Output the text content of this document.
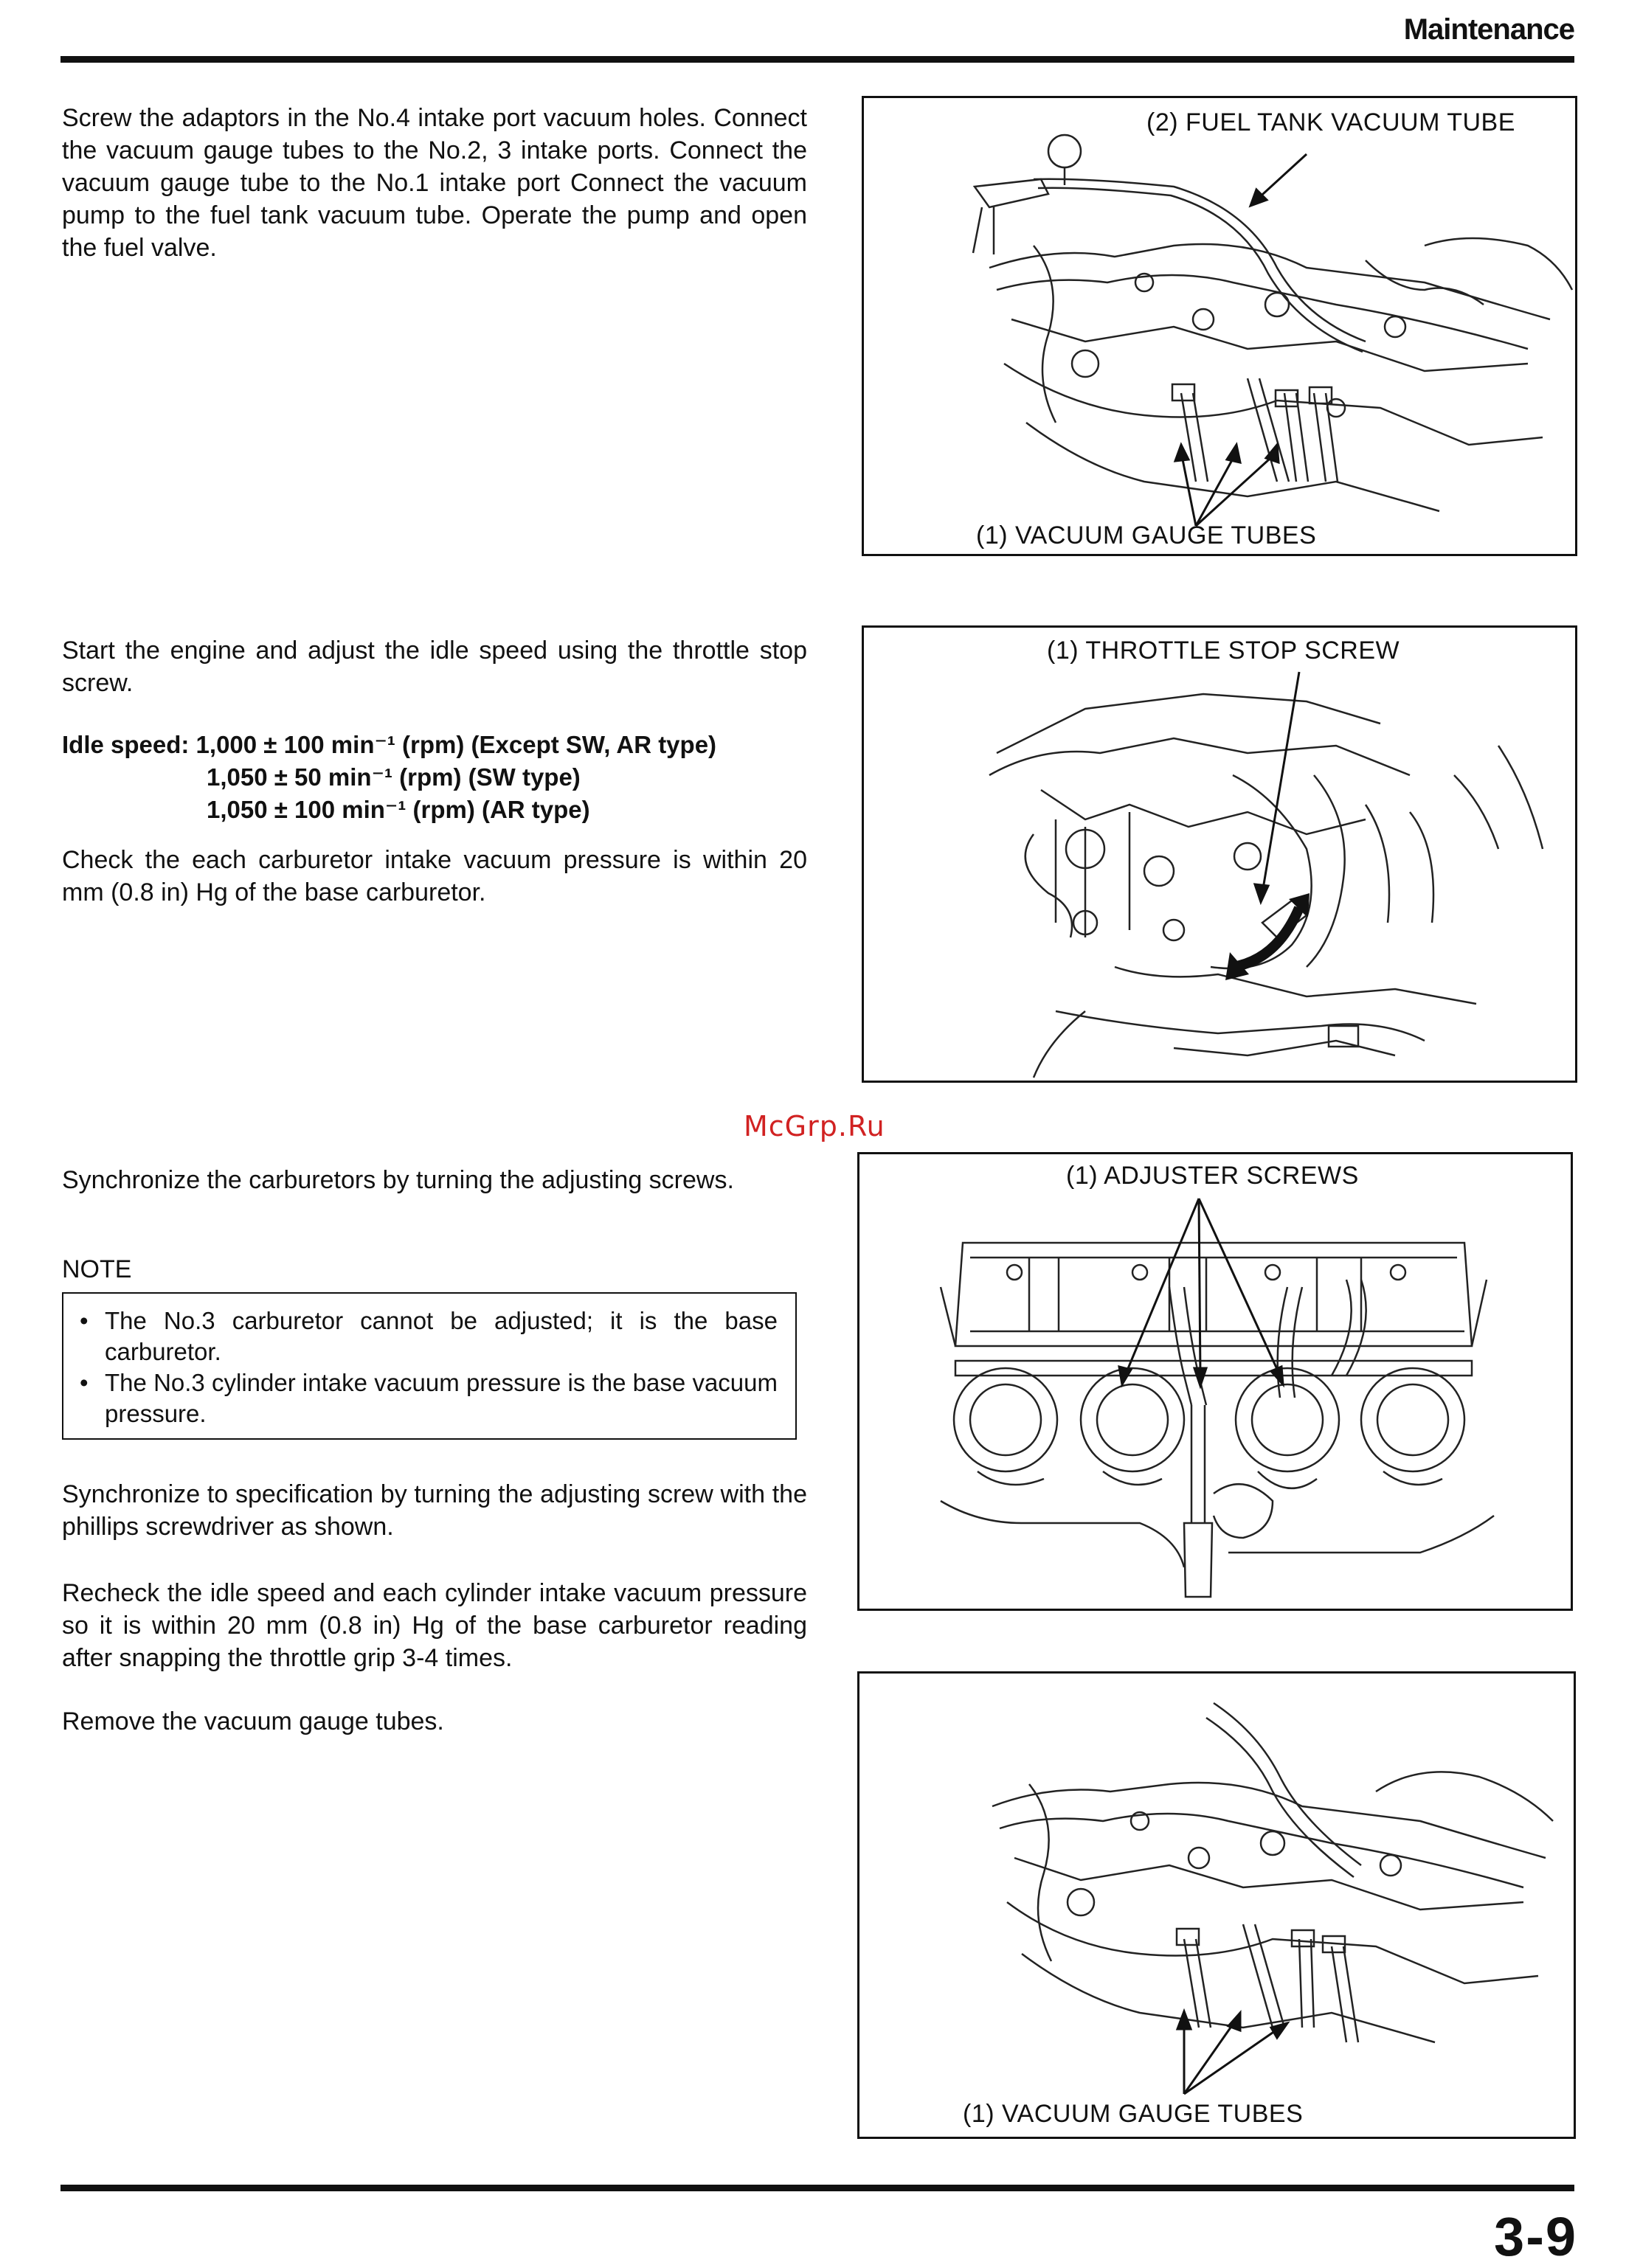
Maintenance

Screw the adaptors in the No.4 intake port vacuum holes. Connect the vacuum gauge tubes to the No.2, 3 intake ports. Connect the vacuum gauge tube to the No.1 intake port Connect the vacuum pump to the fuel tank vacuum tube. Operate the pump and open the fuel valve.

(2) FUEL TANK VACUUM TUBE
(1) VACUUM GAUGE TUBES

Start the engine and adjust the idle speed using the throttle stop screw.

Idle speed: 1,000 ± 100 min⁻¹ (rpm) (Except SW, AR type)
1,050 ± 50 min⁻¹ (rpm) (SW type)
1,050 ± 100 min⁻¹ (rpm) (AR type)

Check the each carburetor intake vacuum pressure is within 20 mm (0.8 in) Hg of the base carburetor.

(1) THROTTLE STOP SCREW
McGrp.Ru

Synchronize the carburetors by turning the adjusting screws.

NOTE
• The No.3 carburetor cannot be adjusted; it is the base carburetor.
• The No.3 cylinder intake vacuum pressure is the base vacuum pressure.

Synchronize to specification by turning the adjusting screw with the phillips screwdriver as shown.

Recheck the idle speed and each cylinder intake vacuum pressure so it is within 20 mm (0.8 in) Hg of the base carburetor reading after snapping the throttle grip 3-4 times.

Remove the vacuum gauge tubes.

(1) ADJUSTER SCREWS
(1) VACUUM GAUGE TUBES
3-9
